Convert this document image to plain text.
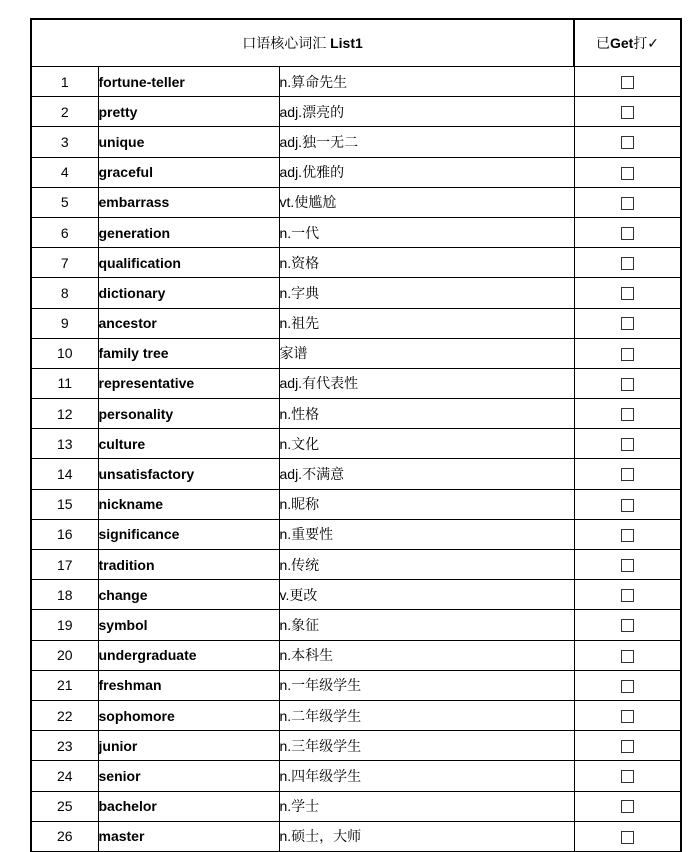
口语核心词汇 List1			已Get打✓
1	fortune-teller	n.算命先生	
2	pretty	adj.漂亮的	
3	unique	adj.独一无二	
4	graceful	adj.优雅的	
5	embarrass	vt.使尴尬	
6	generation	n.一代	
7	qualification	n.资格	
8	dictionary	n.字典	
9	ancestor	n.祖先	
10	family tree	家谱	
11	representative	adj.有代表性	
12	personality	n.性格	
13	culture	n.文化	
14	unsatisfactory	adj.不满意	
15	nickname	n.昵称	
16	significance	n.重要性	
17	tradition	n.传统	
18	change	v.更改	
19	symbol	n.象征	
20	undergraduate	n.本科生	
21	freshman	n.一年级学生	
22	sophomore	n.二年级学生	
23	junior	n.三年级学生	
24	senior	n.四年级学生	
25	bachelor	n.学士	
26	master	n.硕士，大师	
